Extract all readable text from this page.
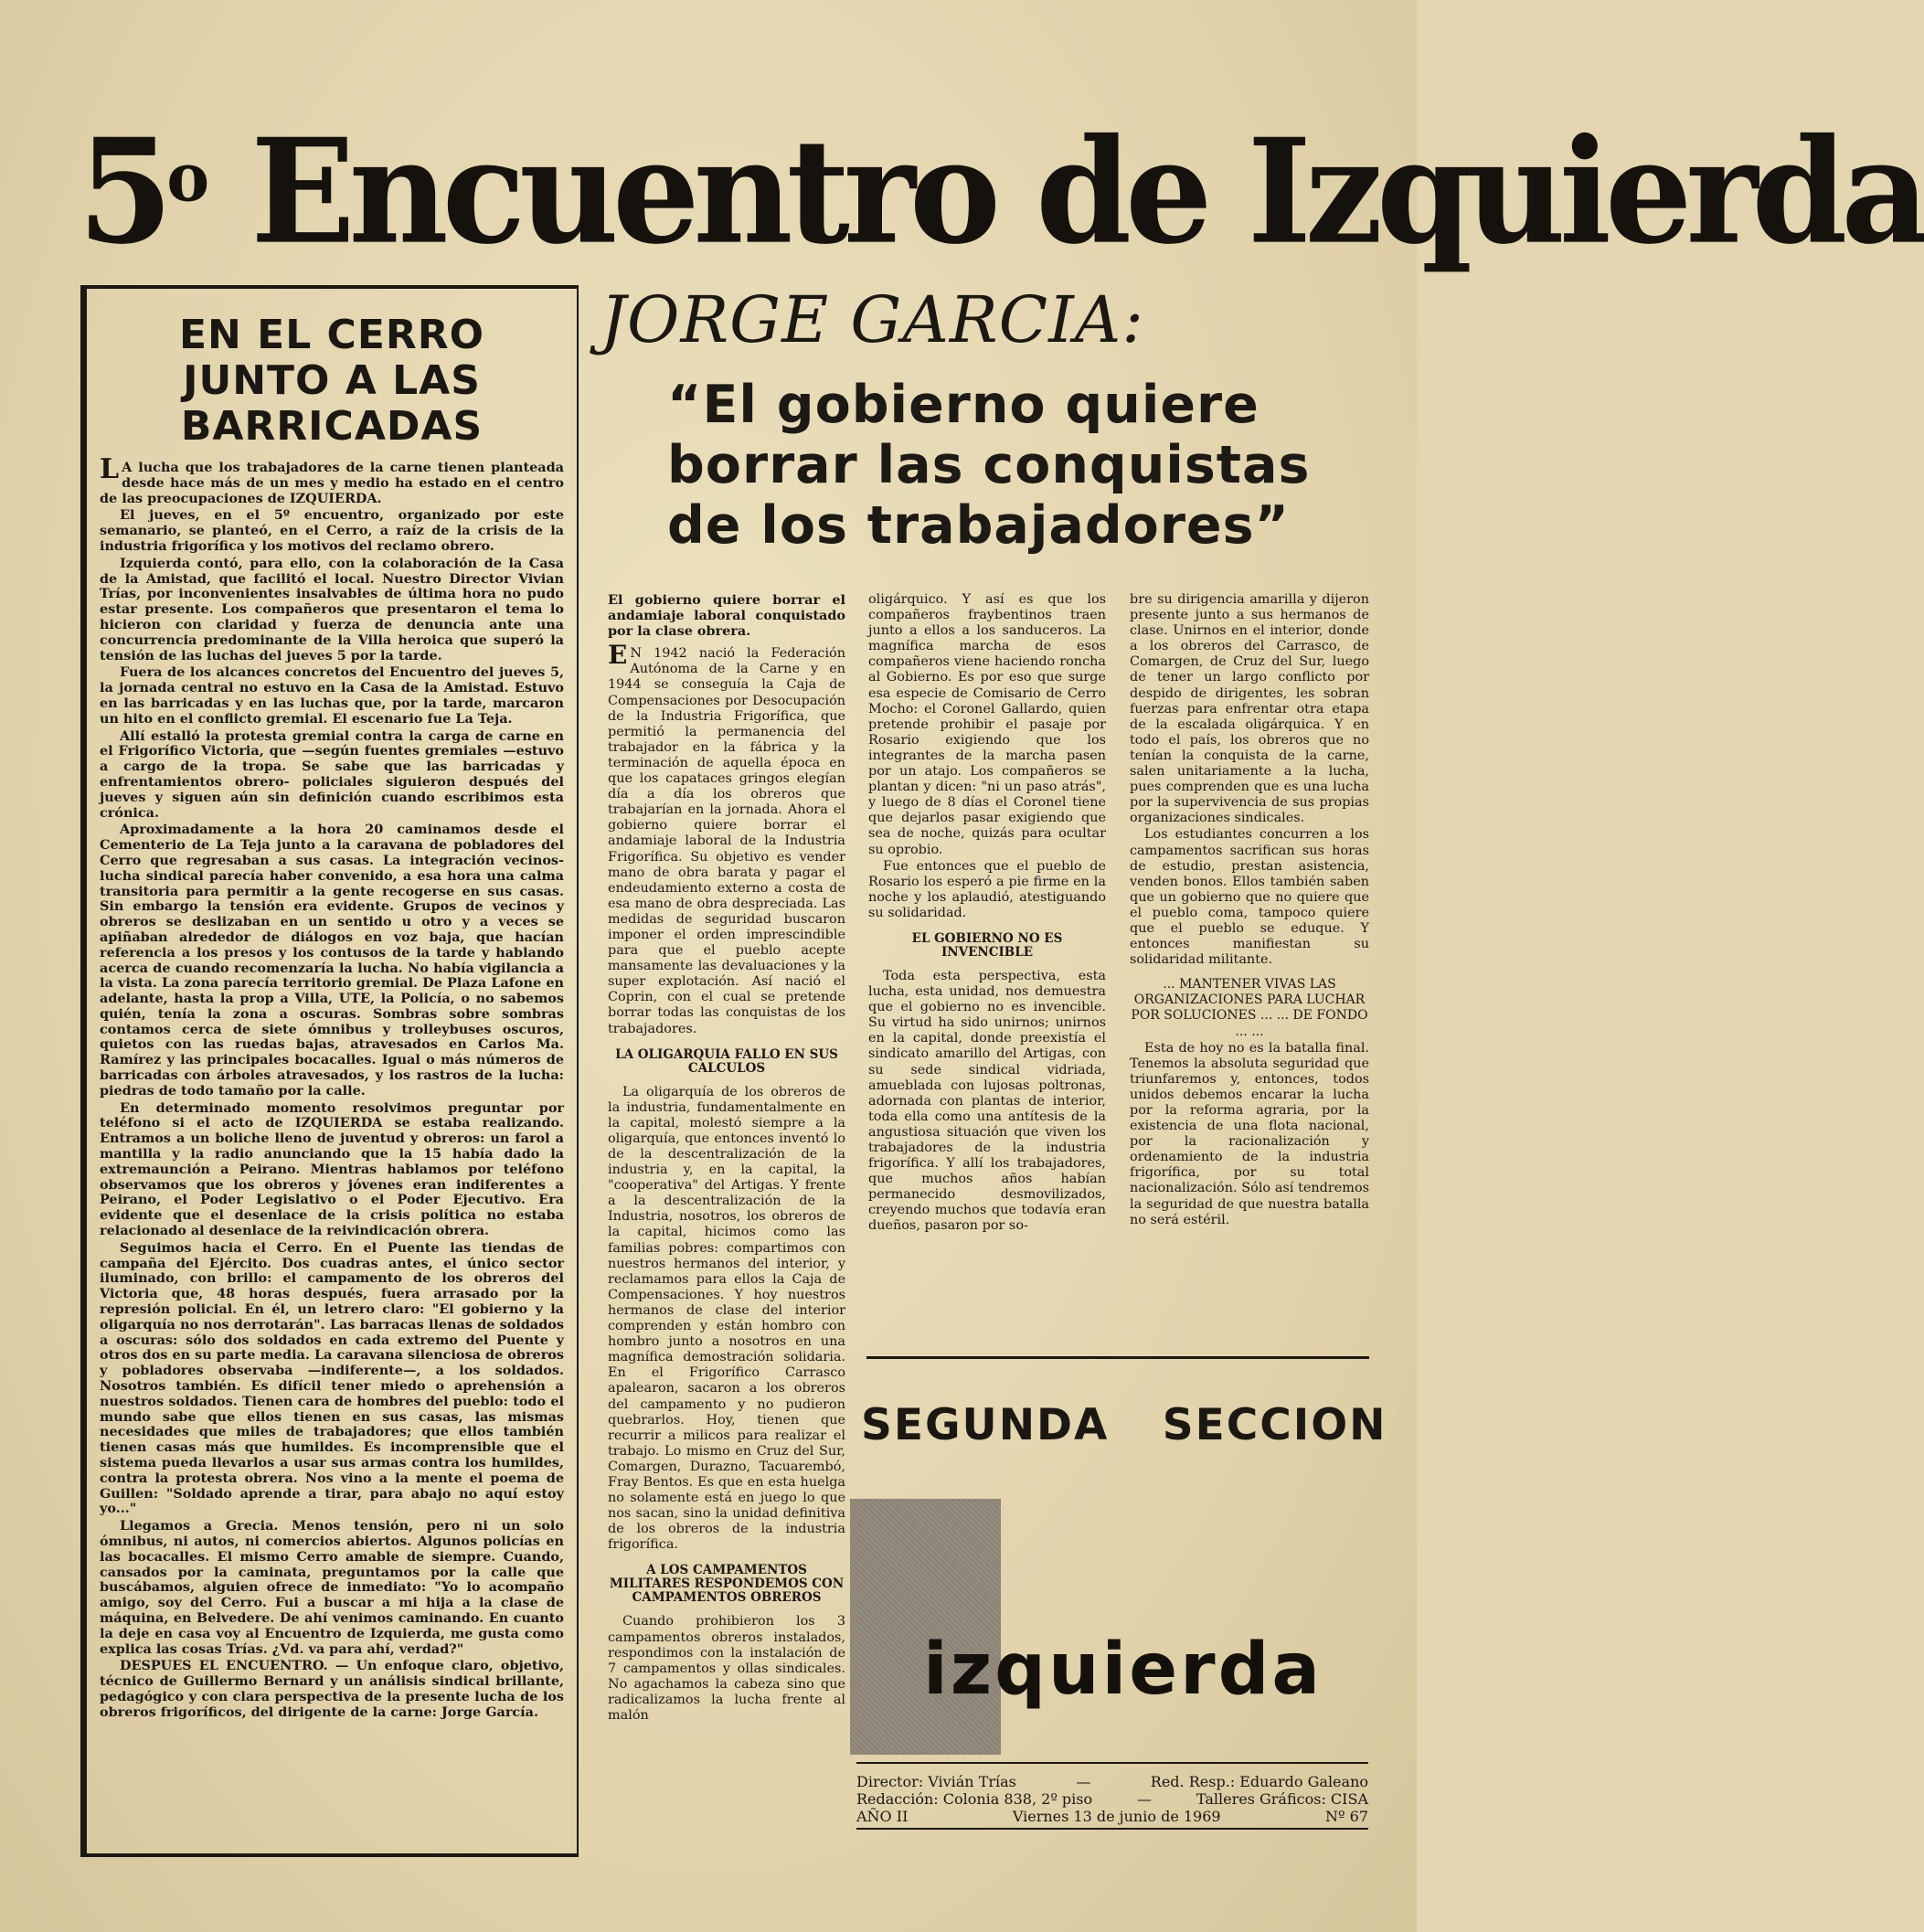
5$^o$ Encuentro de Izquierda
EN EL CERRO
JUNTO A LAS
BARRICADAS

L A lucha que los trabajadores de la carne tienen planteada desde hace más de un mes y medio ha estado en el centro de las preocupaciones de IZQUIERDA.

El jueves, en el 5º encuentro, organizado por este semanario, se planteó, en el Cerro, a raíz de la crisis de la industria frigorífica y los motivos del reclamo obrero.

Izquierda contó, para ello, con la colaboración de la Casa de la Amistad, que facilitó el local. Nuestro Director Vivian Trías, por inconvenientes insalvables de última hora no pudo estar presente. Los compañeros que presentaron el tema lo hicieron con claridad y fuerza de denuncia ante una concurrencia predominante de la Villa heroica que superó la tensión de las luchas del jueves 5 por la tarde.

Fuera de los alcances concretos del Encuentro del jueves 5, la jornada central no estuvo en la Casa de la Amistad. Estuvo en las barricadas y en las luchas que, por la tarde, marcaron un hito en el conflicto gremial. El escenario fue La Teja.

Allí estalló la protesta gremial contra la carga de carne en el Frigorífico Victoria, que —según fuentes gremiales —estuvo a cargo de la tropa. Se sabe que las barricadas y enfrentamientos obrero- policiales siguieron después del jueves y siguen aún sin definición cuando escribimos esta crónica.

Aproximadamente a la hora 20 caminamos desde el Cementerio de La Teja junto a la caravana de pobladores del Cerro que regresaban a sus casas. La integración vecinos-lucha sindical parecía haber convenido, a esa hora una calma transitoria para permitir a la gente recogerse en sus casas. Sin embargo la tensión era evidente. Grupos de vecinos y obreros se deslizaban en un sentido u otro y a veces se apiñaban alrededor de diálogos en voz baja, que hacían referencia a los presos y los contusos de la tarde y hablando acerca de cuando recomenzaría la lucha. No había vigilancia a la vista. La zona parecía territorio gremial. De Plaza Lafone en adelante, hasta la prop a Villa, UTE, la Policía, o no sabemos quién, tenía la zona a oscuras. Sombras sobre sombras contamos cerca de siete ómnibus y trolleybuses oscuros, quietos con las ruedas bajas, atravesados en Carlos Ma. Ramírez y las principales bocacalles. Igual o más números de barricadas con árboles atravesados, y los rastros de la lucha: piedras de todo tamaño por la calle.

En determinado momento resolvimos preguntar por teléfono si el acto de IZQUIERDA se estaba realizando. Entramos a un boliche lleno de juventud y obreros: un farol a mantilla y la radio anunciando que la 15 había dado la extremaunción a Peirano. Mientras hablamos por teléfono observamos que los obreros y jóvenes eran indiferentes a Peirano, el Poder Legislativo o el Poder Ejecutivo. Era evidente que el desenlace de la crisis política no estaba relacionado al desenlace de la reivindicación obrera.

Seguimos hacia el Cerro. En el Puente las tiendas de campaña del Ejército. Dos cuadras antes, el único sector iluminado, con brillo: el campamento de los obreros del Victoria que, 48 horas después, fuera arrasado por la represión policial. En él, un letrero claro: "El gobierno y la oligarquía no nos derrotarán". Las barracas llenas de soldados a oscuras: sólo dos soldados en cada extremo del Puente y otros dos en su parte media. La caravana silenciosa de obreros y pobladores observaba —indiferente—, a los soldados. Nosotros también. Es difícil tener miedo o aprehensión a nuestros soldados. Tienen cara de hombres del pueblo: todo el mundo sabe que ellos tienen en sus casas, las mismas necesidades que miles de trabajadores; que ellos también tienen casas más que humildes. Es incomprensible que el sistema pueda llevarlos a usar sus armas contra los humildes, contra la protesta obrera. Nos vino a la mente el poema de Guillen: "Soldado aprende a tirar, para abajo no aquí estoy yo..."

Llegamos a Grecia. Menos tensión, pero ni un solo ómnibus, ni autos, ni comercios abiertos. Algunos policías en las bocacalles. El mismo Cerro amable de siempre. Cuando, cansados por la caminata, preguntamos por la calle que buscábamos, alguien ofrece de inmediato: "Yo lo acompaño amigo, soy del Cerro. Fui a buscar a mi hija a la clase de máquina, en Belvedere. De ahí venimos caminando. En cuanto la deje en casa voy al Encuentro de Izquierda, me gusta como explica las cosas Trías. ¿Vd. va para ahí, verdad?"

DESPUES EL ENCUENTRO. — Un enfoque claro, objetivo, técnico de Guillermo Bernard y un análisis sindical brillante, pedagógico y con clara perspectiva de la presente lucha de los obreros frigoríficos, del dirigente de la carne: Jorge García.

JORGE GARCIA:
“El gobierno quiere
borrar las conquistas
de los trabajadores”

El gobierno quiere borrar el andamiaje laboral conquistado por la clase obrera.

E N 1942 nació la Federación Autónoma de la Carne y en 1944 se conseguía la Caja de Compensaciones por Desocupación de la Industria Frigorífica, que permitió la permanencia del trabajador en la fábrica y la terminación de aquella época en que los capataces gringos elegían día a día los obreros que trabajarían en la jornada. Ahora el gobierno quiere borrar el andamiaje laboral de la Industria Frigorífica. Su objetivo es vender mano de obra barata y pagar el endeudamiento externo a costa de esa mano de obra despreciada. Las medidas de seguridad buscaron imponer el orden imprescindible para que el pueblo acepte mansamente las devaluaciones y la super explotación. Así nació el Coprin, con el cual se pretende borrar todas las conquistas de los trabajadores.

LA OLIGARQUIA FALLO EN SUS CALCULOS

La oligarquía de los obreros de la industria, fundamentalmente en la capital, molestó siempre a la oligarquía, que entonces inventó lo de la descentralización de la industria y, en la capital, la "cooperativa" del Artigas. Y frente a la descentralización de la Industria, nosotros, los obreros de la capital, hicimos como las familias pobres: compartimos con nuestros hermanos del interior, y reclamamos para ellos la Caja de Compensaciones. Y hoy nuestros hermanos de clase del interior comprenden y están hombro con hombro junto a nosotros en una magnífica demostración solidaria. En el Frigorífico Carrasco apalearon, sacaron a los obreros del campamento y no pudieron quebrarlos. Hoy, tienen que recurrir a milicos para realizar el trabajo. Lo mismo en Cruz del Sur, Comargen, Durazno, Tacuarembó, Fray Bentos. Es que en esta huelga no solamente está en juego lo que nos sacan, sino la unidad definitiva de los obreros de la industria frigorífica.

A LOS CAMPAMENTOS MILITARES RESPONDEMOS CON CAMPAMENTOS OBREROS

Cuando prohibieron los 3 campamentos obreros instalados, respondimos con la instalación de 7 campamentos y ollas sindicales. No agachamos la cabeza sino que radicalizamos la lucha frente al malón

oligárquico. Y así es que los compañeros fraybentinos traen junto a ellos a los sanduceros. La magnífica marcha de esos compañeros viene haciendo roncha al Gobierno. Es por eso que surge esa especie de Comisario de Cerro Mocho: el Coronel Gallardo, quien pretende prohibir el pasaje por Rosario exigiendo que los integrantes de la marcha pasen por un atajo. Los compañeros se plantan y dicen: "ni un paso atrás", y luego de 8 días el Coronel tiene que dejarlos pasar exigiendo que sea de noche, quizás para ocultar su oprobio.

Fue entonces que el pueblo de Rosario los esperó a pie firme en la noche y los aplaudió, atestiguando su solidaridad.

EL GOBIERNO NO ES INVENCIBLE

Toda esta perspectiva, esta lucha, esta unidad, nos demuestra que el gobierno no es invencible. Su virtud ha sido unirnos; unirnos en la capital, donde preexistía el sindicato amarillo del Artigas, con su sede sindical vidriada, amueblada con lujosas poltronas, adornada con plantas de interior, toda ella como una antítesis de la angustiosa situación que viven los trabajadores de la industria frigorífica. Y allí los trabajadores, que muchos años habían permanecido desmovilizados, creyendo muchos que todavía eran dueños, pasaron por so-

bre su dirigencia amarilla y dijeron presente junto a sus hermanos de clase. Unirnos en el interior, donde a los obreros del Carrasco, de Comargen, de Cruz del Sur, luego de tener un largo conflicto por despido de dirigentes, les sobran fuerzas para enfrentar otra etapa de la escalada oligárquica. Y en todo el país, los obreros que no tenían la conquista de la carne, salen unitariamente a la lucha, pues comprenden que es una lucha por la supervivencia de sus propias organizaciones sindicales.

Los estudiantes concurren a los campamentos sacrifican sus horas de estudio, prestan asistencia, venden bonos. Ellos también saben que un gobierno que no quiere que el pueblo coma, tampoco quiere que el pueblo se eduque. Y entonces manifiestan su solidaridad militante.

... MANTENER VIVAS LAS ORGANIZACIONES PARA LUCHAR POR SOLUCIONES ... ... DE FONDO ... ...

Esta de hoy no es la batalla final. Tenemos la absoluta seguridad que triunfaremos y, entonces, todos unidos debemos encarar la lucha por la reforma agraria, por la existencia de una flota nacional, por la racionalización y ordenamiento de la industria frigorífica, por su total nacionalización. Sólo así tendremos la seguridad de que nuestra batalla no será estéril.

SEGUNDA SECCION
izquierda
Director: Vivián Trías	—	Red. Resp.: Eduardo Galeano
Redacción: Colonia 838, 2º piso	—	Talleres Gráficos: CISA
AÑO II	Viernes 13 de junio de 1969	Nº 67
